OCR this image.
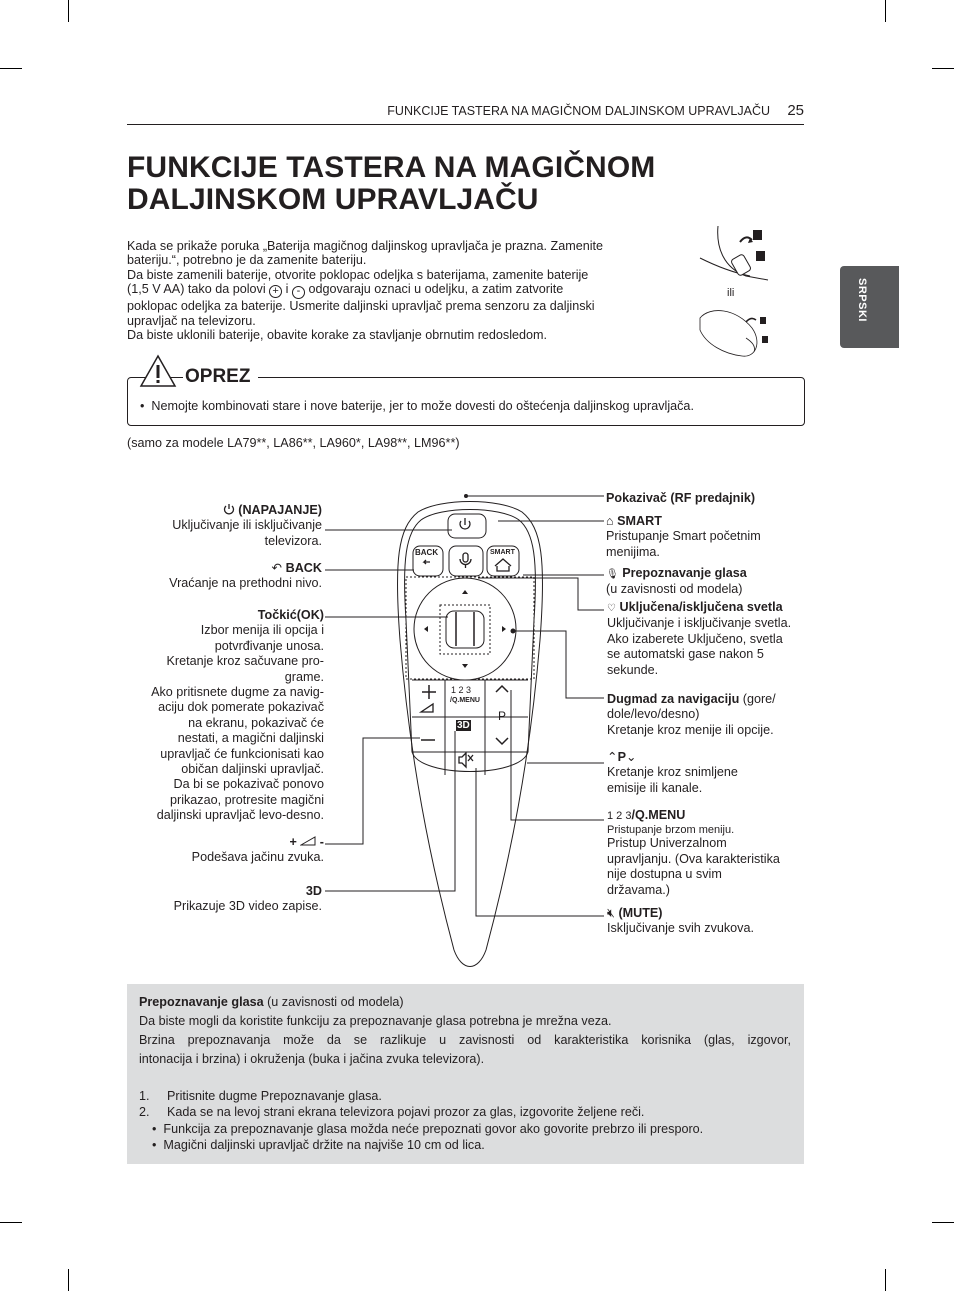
FUNKCIJE TASTERA NA MAGIČNOM DALJINSKOM UPRAVLJAČU 25
SRPSKI
FUNKCIJE TASTERA NA MAGIČNOM
DALJINSKOM UPRAVLJAČU
Kada se prikaže poruka „Baterija magičnog daljinskog upravljača je prazna. Zamenite
bateriju.“, potrebno je da zamenite bateriju.
Da biste zamenili baterije, otvorite poklopac odeljka s baterijama, zamenite baterije
(1,5 V AA) tako da polovi + i - odgovaraju oznaci u odeljku, a zatim zatvorite
poklopac odeljka za baterije. Usmerite daljinski upravljač prema senzoru za daljinski
upravljač na televizoru.
Da biste uklonili baterije, obavite korake za stavljanje obrnutim redosledom.
ili
OPREZ
•  Nemojte kombinovati stare i nove baterije, jer to može dovesti do oštećenja daljinskog upravljača.
(samo za modele LA79**, LA86**, LA960*, LA98**, LM96**)
BACK	SMART
1 2 3
/Q.MENU
3D
P
(NAPAJANJE)
Uključivanje ili isključivanje
televizora.
↶ BACK
Vraćanje na prethodni nivo.
Točkić(OK)
Izbor menija ili opcija i
potvrđivanje unosa.
Kretanje kroz sačuvane pro-
grame.
Ako pritisnete dugme za navig-
aciju dok pomerate pokazivač
na ekranu, pokazivač će
nestati, a magični daljinski
upravljač će funkcionisati kao
običan daljinski upravljač.
Da bi se pokazivač ponovo
prikazao, protresite magični
daljinski upravljač levo-desno.
+ -
Podešava jačinu zvuka.
3D
Prikazuje 3D video zapise.
Pokazivač (RF predajnik)
⌂ SMART
Pristupanje Smart početnim
menijima.
🎙︎ Prepoznavanje glasa
(u zavisnosti od modela)
♡ Uključena/isključena svetla
Uključivanje i isključivanje svetla.
Ako izaberete Uključeno, svetla
se automatski gase nakon 5
sekunde.
Dugmad za navigaciju (gore/
dole/levo/desno)
Kretanje kroz menije ili opcije.
⌃P⌄
Kretanje kroz snimljene
emisije ili kanale.
1 2 3/Q.MENU
Pristupanje brzom meniju.
Pristup Univerzalnom
upravljanju. (Ova karakteristika
nije dostupna u svim
državama.)
🔇︎ (MUTE)
Isključivanje svih zvukova.
Prepoznavanje glasa (u zavisnosti od modela)
Da biste mogli da koristite funkciju za prepoznavanje glasa potrebna je mrežna veza.
Brzina prepoznavanja može da se razlikuje u zavisnosti od karakteristika korisnika (glas, izgovor,
intonacija i brzina) i okruženja (buka i jačina zvuka televizora).
1. Pritisnite dugme Prepoznavanje glasa.
2. Kada se na levoj strani ekrana televizora pojavi prozor za glas, izgovorite željene reči.
•  Funkcija za prepoznavanje glasa možda neće prepoznati govor ako govorite prebrzo ili presporo.
•  Magični daljinski upravljač držite na najviše 10 cm od lica.
